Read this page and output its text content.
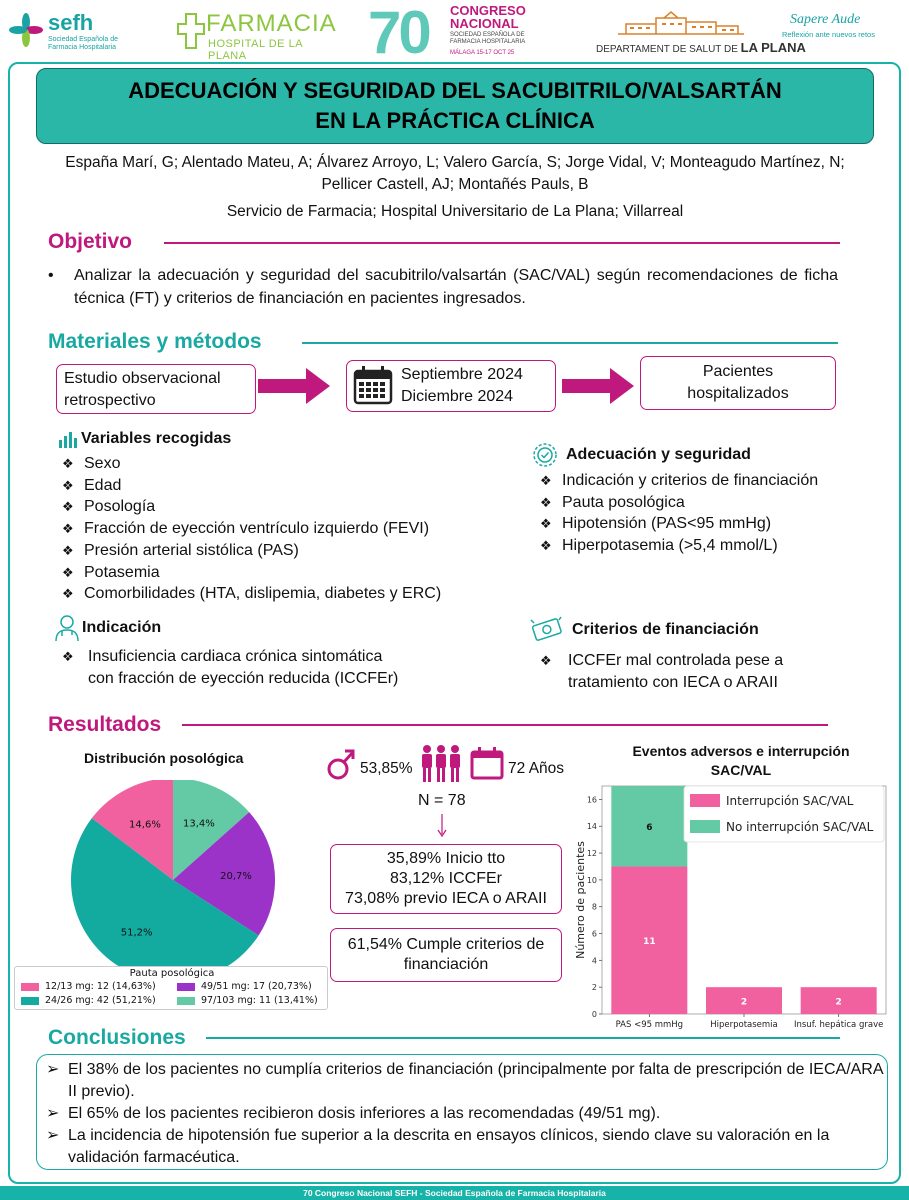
sefh
Sociedad Española de Farmacia Hospitalaria
FARMACIA
HOSPITAL DE LA PLANA	70 CONGRESO
NACIONAL
SOCIEDAD ESPAÑOLA DE FARMACIA HOSPITALARIA
MÁLAGA 15-17 OCT 25	DEPARTAMENT DE SALUT DE LA PLANA
Sapere Aude
Reflexión ante nuevos retos
ADECUACIÓN Y SEGURIDAD DEL SACUBITRILO/VALSARTÁN
EN LA PRÁCTICA CLÍNICA
España Marí, G; Alentado Mateu, A; Álvarez Arroyo, L; Valero García, S; Jorge Vidal, V; Monteagudo Martínez, N; Pellicer Castell, AJ; Montañés Pauls, B
Servicio de Farmacia; Hospital Universitario de La Plana; Villarreal
Objetivo
•	Analizar la adecuación y seguridad del sacubitrilo/valsartán (SAC/VAL) según recomendaciones de ficha técnica (FT) y criterios de financiación en pacientes ingresados.
Materiales y métodos
Estudio observacional
retrospectivo
Septiembre 2024
Diciembre 2024
Pacientes
hospitalizados
Variables recogidas
❖ Sexo
❖ Edad
❖ Posología
❖ Fracción de eyección ventrículo izquierdo (FEVI)
❖ Presión arterial sistólica (PAS)
❖ Potasemia
❖ Comorbilidades (HTA, dislipemia, diabetes y ERC)
Adecuación y seguridad
❖ Indicación y criterios de financiación
❖ Pauta posológica
❖ Hipotensión (PAS<95 mmHg)
❖ Hiperpotasemia (>5,4 mmol/L)
Indicación
❖ Insuficiencia cardiaca crónica sintomática
con fracción de eyección reducida (ICCFEr)
Criterios de financiación
❖	ICCFEr mal controlada pese a
tratamiento con IECA o ARAII
Resultados
Distribución posológica
13,4%
20,7%
51,2%
14,6%
Pauta posológica
12/13 mg: 12 (14,63%)	49/51 mg: 17 (20,73%)
24/26 mg: 42 (51,21%)	97/103 mg: 11 (13,41%)
53,85%	72 Años
N = 78
35,89% Inicio tto
83,12% ICCFEr
73,08% previo IECA o ARAII
61,54% Cumple criterios de
financiación
Eventos adversos e interrupción
SAC/VAL
0
2
4
6
8
10
12
14
16
Número de pacientes	11
6
PAS <95 mmHg
2
Hiperpotasemia
2
Insuf. hepática grave
Interrupción SAC/VAL
No interrupción SAC/VAL
Conclusiones
➢ El 38% de los pacientes no cumplía criterios de financiación (principalmente por falta de prescripción de IECA/ARA II previo).
➢ El 65% de los pacientes recibieron dosis inferiores a las recomendadas (49/51 mg).
➢ La incidencia de hipotensión fue superior a la descrita en ensayos clínicos, siendo clave su valoración en la validación farmacéutica.
70 Congreso Nacional SEFH - Sociedad Española de Farmacia Hospitalaria
